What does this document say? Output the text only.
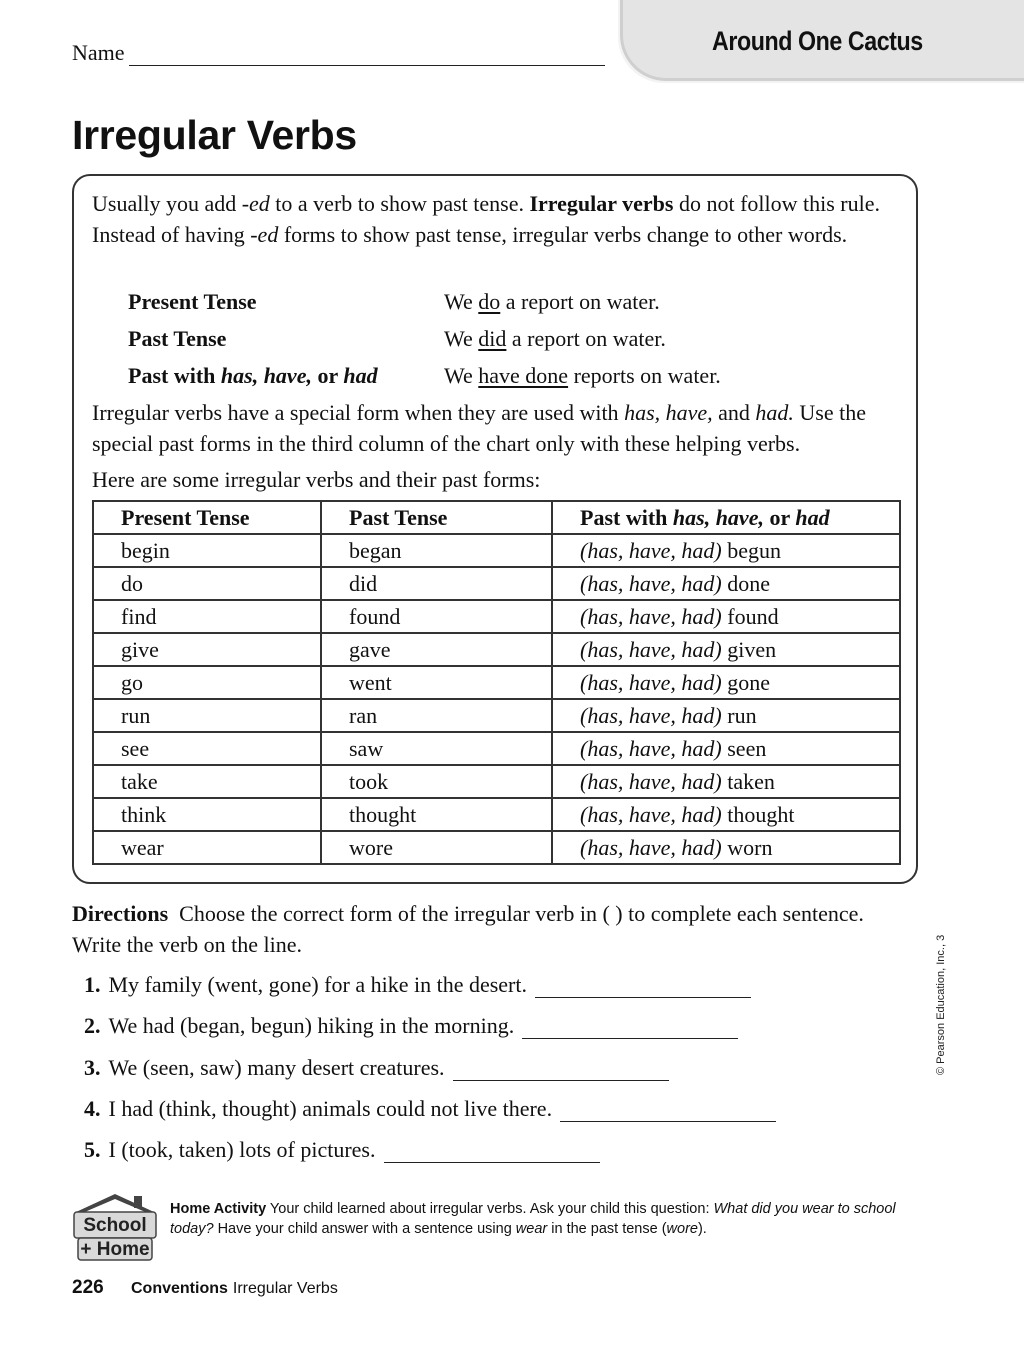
Name	Around One Cactus
Irregular Verbs

Usually you add -ed to a verb to show past tense. Irregular verbs do not follow this rule. Instead of having -ed forms to show past tense, irregular verbs change to other words.

Present Tense	We do a report on water.
Past Tense	We did a report on water.
Past with has, have, or had	We have done reports on water.

Irregular verbs have a special form when they are used with has, have, and had. Use the special past forms in the third column of the chart only with these helping verbs.

Here are some irregular verbs and their past forms:

Present Tense	Past Tense	Past with has, have, or had
begin	began	(has, have, had) begun
do	did	(has, have, had) done
find	found	(has, have, had) found
give	gave	(has, have, had) given
go	went	(has, have, had) gone
run	ran	(has, have, had) run
see	saw	(has, have, had) seen
take	took	(has, have, had) taken
think	thought	(has, have, had) thought
wear	wore	(has, have, had) worn

Directions Choose the correct form of the irregular verb in ( ) to complete each sentence. Write the verb on the line.

1. My family (went, gone) for a hike in the desert.
2. We had (began, begun) hiking in the morning.
3. We (seen, saw) many desert creatures.
4. I had (think, thought) animals could not live there.
5. I (took, taken) lots of pictures.
© Pearson Education, Inc., 3
School
+ Home

Home Activity Your child learned about irregular verbs. Ask your child this question: What did you wear to school today? Have your child answer with a sentence using wear in the past tense (wore).

226 Conventions Irregular Verbs
